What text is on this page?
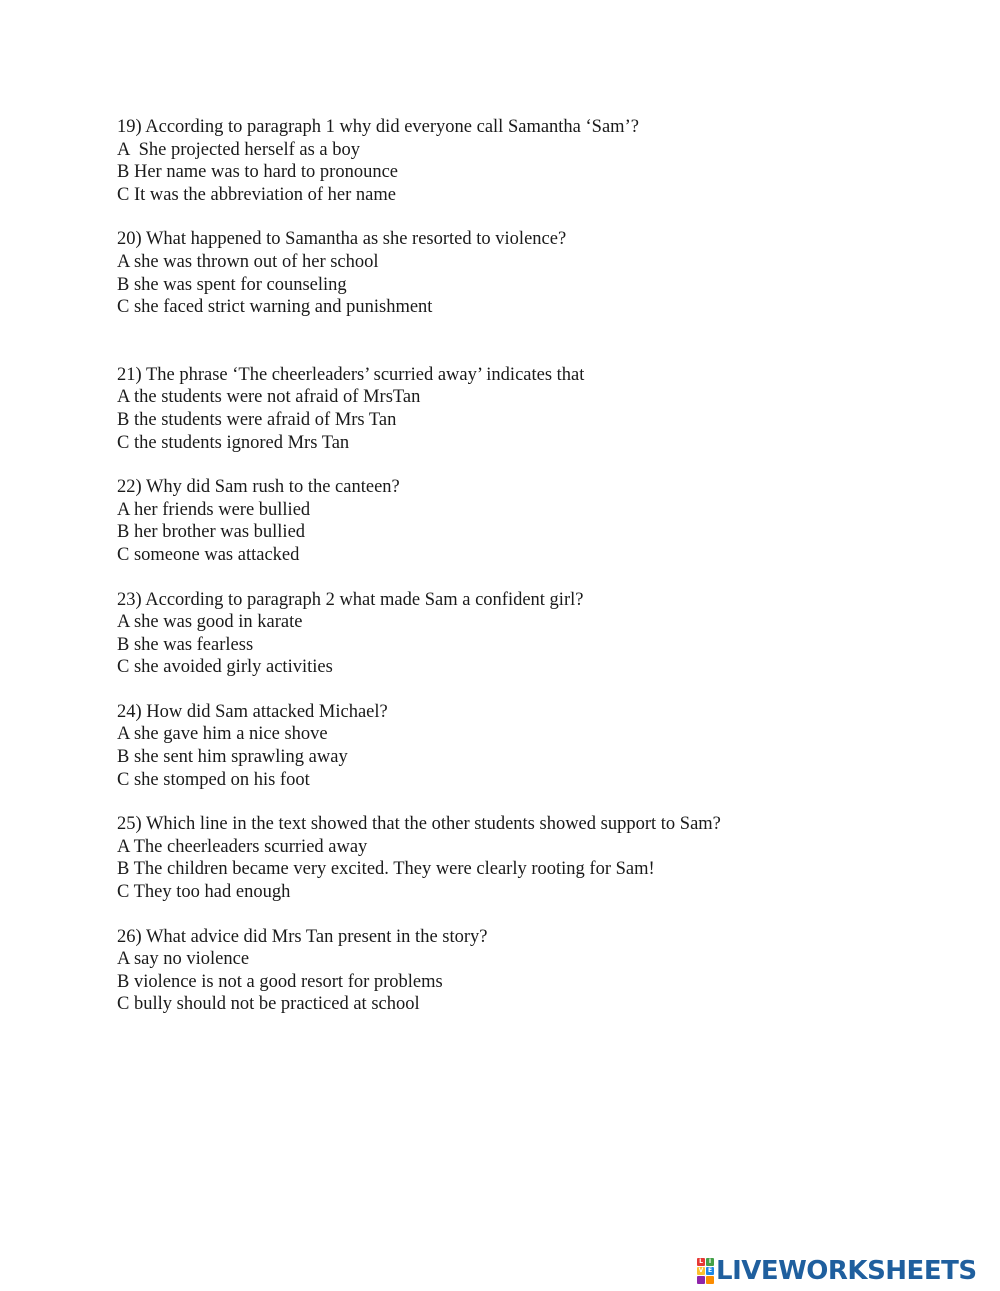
19) According to paragraph 1 why did everyone call Samantha ‘Sam’?
A  She projected herself as a boy
B Her name was to hard to pronounce
C It was the abbreviation of her name
20) What happened to Samantha as she resorted to violence?
A she was thrown out of her school
B she was spent for counseling
C she faced strict warning and punishment
21) The phrase ‘The cheerleaders’ scurried away’ indicates that
A the students were not afraid of MrsTan
B the students were afraid of Mrs Tan
C the students ignored Mrs Tan
22) Why did Sam rush to the canteen?
A her friends were bullied
B her brother was bullied
C someone was attacked
23) According to paragraph 2 what made Sam a confident girl?
A she was good in karate
B she was fearless
C she avoided girly activities
24) How did Sam attacked Michael?
A she gave him a nice shove
B she sent him sprawling away
C she stomped on his foot
25) Which line in the text showed that the other students showed support to Sam?
A The cheerleaders scurried away
B The children became very excited. They were clearly rooting for Sam!
C They too had enough
26) What advice did Mrs Tan present in the story?
A say no violence
B violence is not a good resort for problems
C bully should not be practiced at school
L I
V E LIVEWORKSHEETS
